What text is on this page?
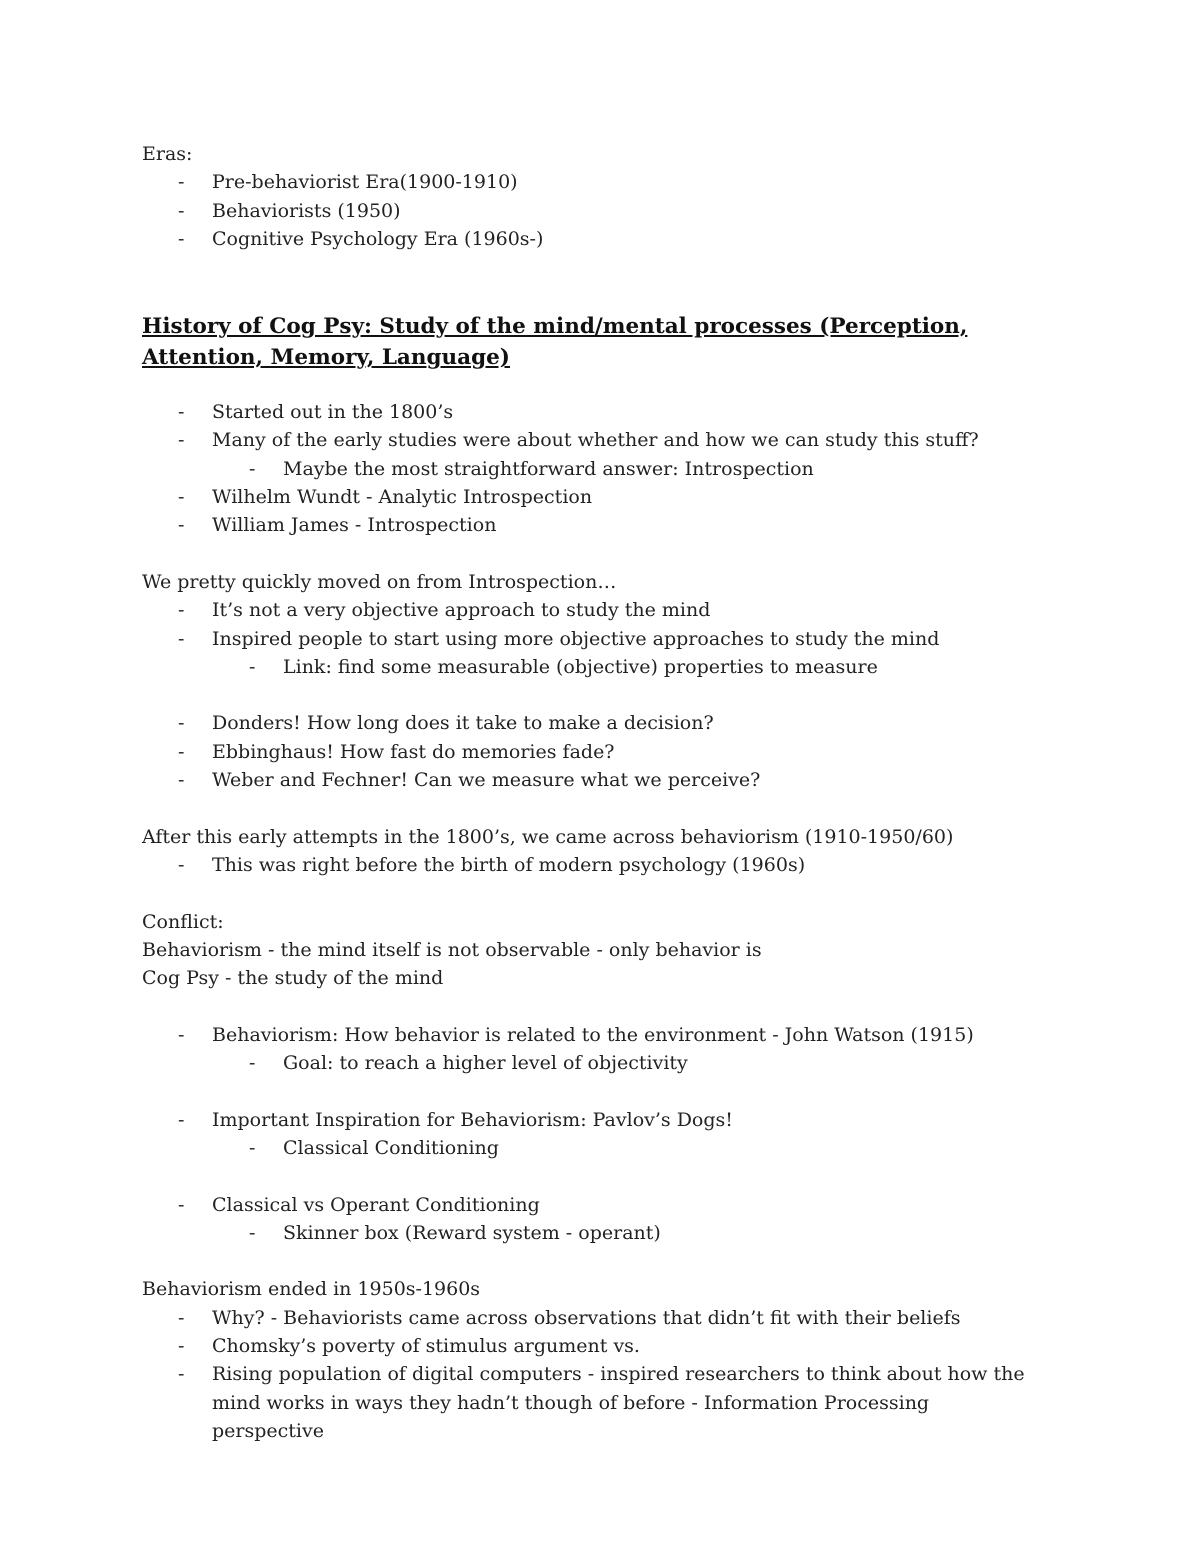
Eras:
- Pre-behaviorist Era(1900-1910)
- Behaviorists (1950)
- Cognitive Psychology Era (1960s-)
History of Cog Psy: Study of the mind/mental processes (Perception, Attention, Memory, Language)
- Started out in the 1800’s
- Many of the early studies were about whether and how we can study this stuff?
- Maybe the most straightforward answer: Introspection
- Wilhelm Wundt - Analytic Introspection
- William James - Introspection
We pretty quickly moved on from Introspection…
- It’s not a very objective approach to study the mind
- Inspired people to start using more objective approaches to study the mind
- Link: find some measurable (objective) properties to measure
- Donders! How long does it take to make a decision?
- Ebbinghaus! How fast do memories fade?
- Weber and Fechner! Can we measure what we perceive?
After this early attempts in the 1800’s, we came across behaviorism (1910-1950/60)
- This was right before the birth of modern psychology (1960s)
Conflict:
Behaviorism - the mind itself is not observable - only behavior is
Cog Psy - the study of the mind
- Behaviorism: How behavior is related to the environment - John Watson (1915)
- Goal: to reach a higher level of objectivity
- Important Inspiration for Behaviorism: Pavlov’s Dogs!
- Classical Conditioning
- Classical vs Operant Conditioning
- Skinner box (Reward system - operant)
Behaviorism ended in 1950s-1960s
- Why? - Behaviorists came across observations that didn’t fit with their beliefs
- Chomsky’s poverty of stimulus argument vs.
- Rising population of digital computers - inspired researchers to think about how the mind works in ways they hadn’t though of before - Information Processing perspective
